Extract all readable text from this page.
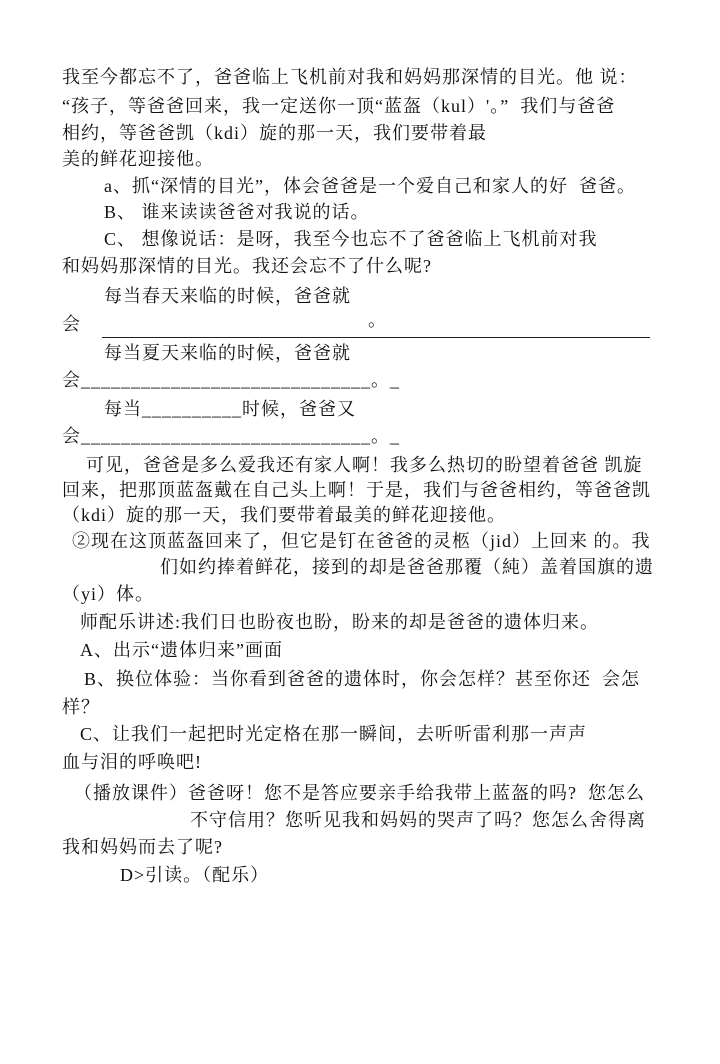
我至今都忘不了，爸爸临上飞机前对我和妈妈那深情的目光。他 说：
“孩子，等爸爸回来，我一定送你一顶“蓝盔（kul）'。”  我们与爸爸
相约，等爸爸凯（kdi）旋的那一天，我们要带着最
美的鲜花迎接他。
a、抓“深情的目光”，体会爸爸是一个爱自己和家人的好  爸爸。
B、 谁来读读爸爸对我说的话。
C、 想像说话：是呀，我至今也忘不了爸爸临上飞机前对我
和妈妈那深情的目光。我还会忘不了什么呢?
每当春天来临的时候，爸爸就
会	。
每当夏天来临的时候，爸爸就
会_____________________________。_
每当__________时候，爸爸又
会_____________________________。_
可见，爸爸是多么爱我还有家人啊！我多么热切的盼望着爸爸 凯旋
回来，把那顶蓝盔戴在自己头上啊！于是，我们与爸爸相约，等爸爸凯
（kdi）旋的那一天，我们要带着最美的鲜花迎接他。
②现在这顶蓝盔回来了，但它是钉在爸爸的灵柩（jid）上回来 的。我
们如约捧着鲜花，接到的却是爸爸那覆（純）盖着国旗的遗
（yi）体。
师配乐讲述:我们日也盼夜也盼，盼来的却是爸爸的遗体归来。
A、出示“遗体归来”画面
B、换位体验：当你看到爸爸的遗体时，你会怎样？甚至你还  会怎
样？
C、让我们一起把时光定格在那一瞬间，去听听雷利那一声声
血与泪的呼唤吧!
（播放课件）爸爸呀！您不是答应要亲手给我带上蓝盔的吗?  您怎么
不守信用？您听见我和妈妈的哭声了吗？您怎么舍得离
我和妈妈而去了呢?
D>引读。（配乐）
